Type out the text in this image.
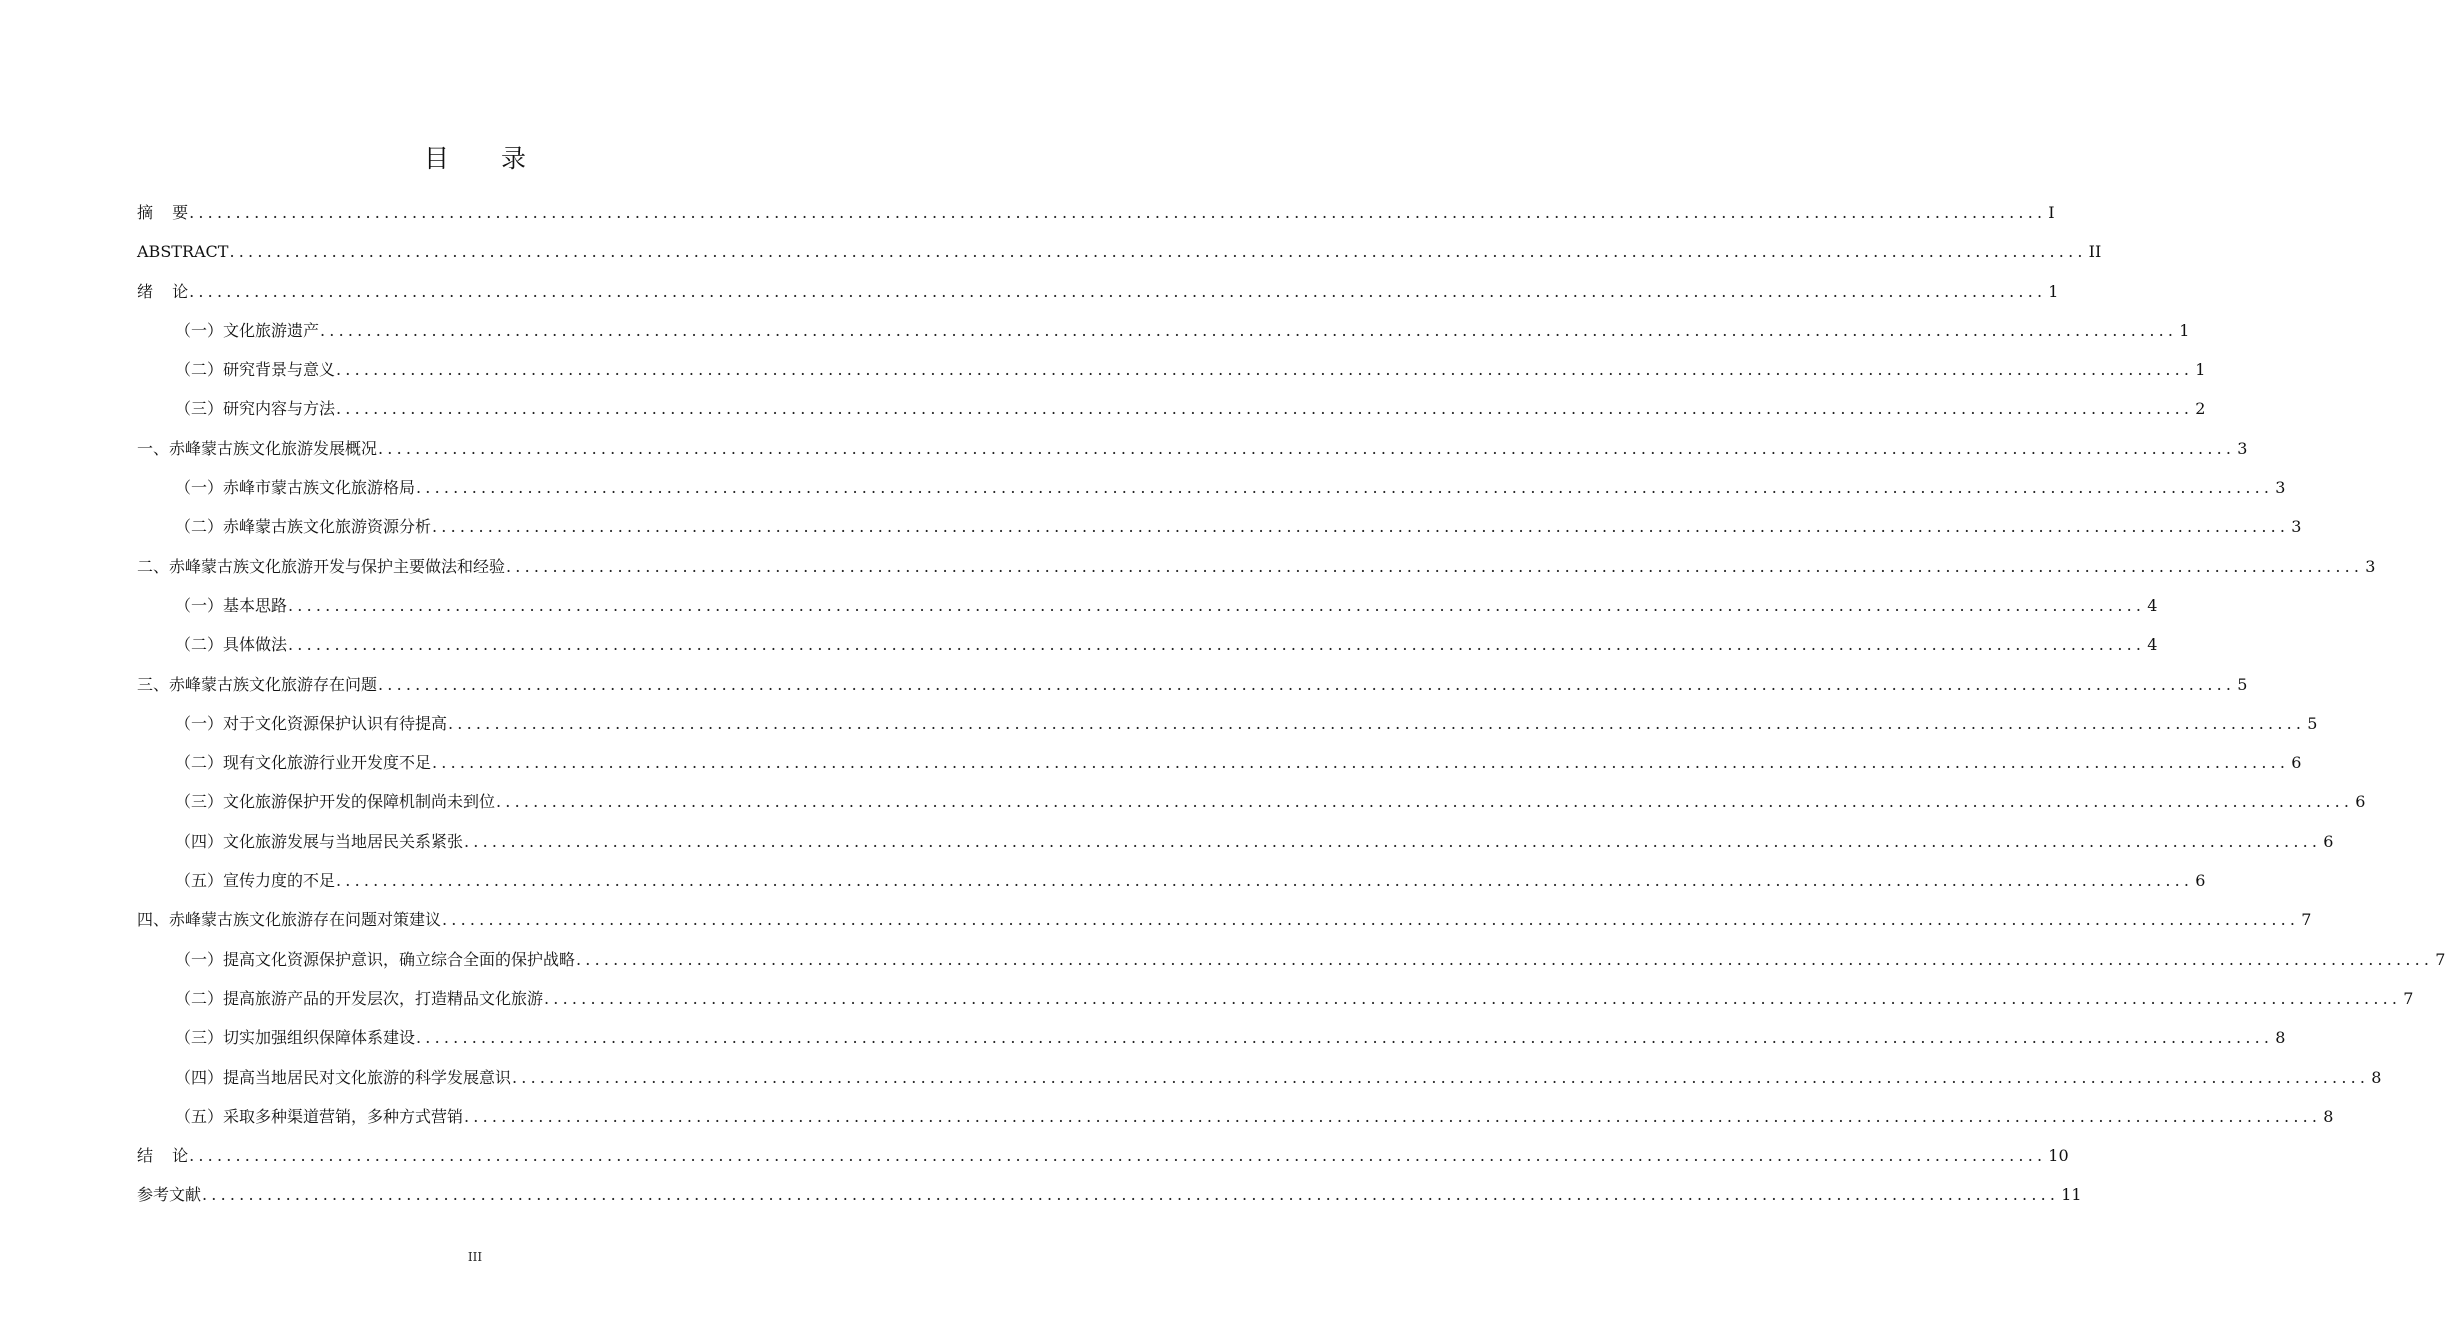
目 录
摘 要 ........................................................................................................................................................................................................ I
ABSTRACT ........................................................................................................................................................................................................ II
绪 论 ........................................................................................................................................................................................................ 1
（一）文化旅游遗产 ........................................................................................................................................................................................................ 1
（二）研究背景与意义 ........................................................................................................................................................................................................ 1
（三）研究内容与方法 ........................................................................................................................................................................................................ 2
一、赤峰蒙古族文化旅游发展概况 ........................................................................................................................................................................................................ 3
（一）赤峰市蒙古族文化旅游格局 ........................................................................................................................................................................................................ 3
（二）赤峰蒙古族文化旅游资源分析 ........................................................................................................................................................................................................ 3
二、赤峰蒙古族文化旅游开发与保护主要做法和经验 ........................................................................................................................................................................................................ 3
（一）基本思路 ........................................................................................................................................................................................................ 4
（二）具体做法 ........................................................................................................................................................................................................ 4
三、赤峰蒙古族文化旅游存在问题 ........................................................................................................................................................................................................ 5
（一）对于文化资源保护认识有待提高 ........................................................................................................................................................................................................ 5
（二）现有文化旅游行业开发度不足 ........................................................................................................................................................................................................ 6
（三）文化旅游保护开发的保障机制尚未到位 ........................................................................................................................................................................................................ 6
（四）文化旅游发展与当地居民关系紧张 ........................................................................................................................................................................................................ 6
（五）宣传力度的不足 ........................................................................................................................................................................................................ 6
四、赤峰蒙古族文化旅游存在问题对策建议 ........................................................................................................................................................................................................ 7
（一）提高文化资源保护意识，确立综合全面的保护战略 ........................................................................................................................................................................................................ 7
（二）提高旅游产品的开发层次，打造精品文化旅游 ........................................................................................................................................................................................................ 7
（三）切实加强组织保障体系建设 ........................................................................................................................................................................................................ 8
（四）提高当地居民对文化旅游的科学发展意识 ........................................................................................................................................................................................................ 8
（五）采取多种渠道营销，多种方式营销 ........................................................................................................................................................................................................ 8
结 论 ........................................................................................................................................................................................................ 10
参考文献 ........................................................................................................................................................................................................ 11
III
